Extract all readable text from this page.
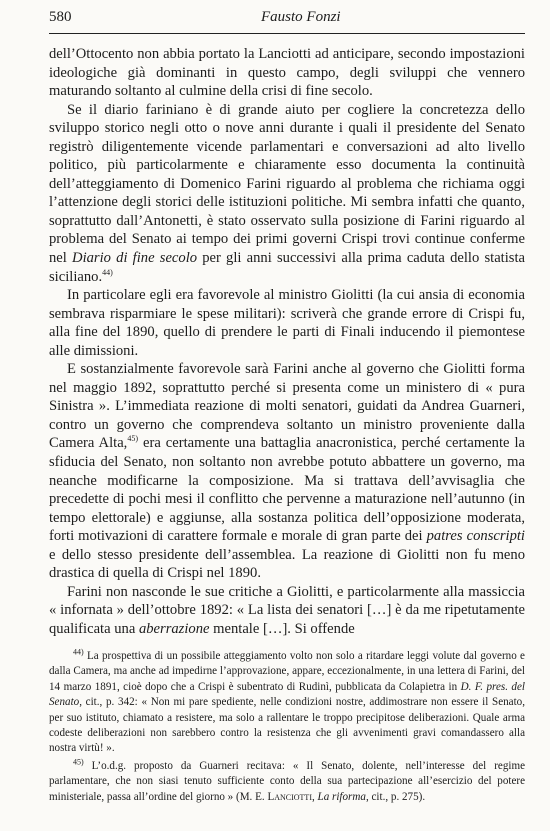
580	Fausto Fonzi

dell’Ottocento non abbia portato la Lanciotti ad anticipare, secondo impostazioni ideologiche già dominanti in questo campo, degli sviluppi che vennero maturando soltanto al culmine della crisi di fine secolo.

Se il diario fariniano è di grande aiuto per cogliere la concretezza dello sviluppo storico negli otto o nove anni durante i quali il presidente del Senato registrò diligentemente vicende parlamentari e conversazioni ad alto livello politico, più particolarmente e chiaramente esso documenta la continuità dell’atteggiamento di Domenico Farini riguardo al problema che richiama oggi l’attenzione degli storici delle istituzioni politiche. Mi sembra infatti che quanto, soprattutto dall’Antonetti, è stato osservato sulla posizione di Farini riguardo al problema del Senato ai tempo dei primi governi Crispi trovi continue conferme nel Diario di fine secolo per gli anni successivi alla prima caduta dello statista siciliano.$^{44)}$

In particolare egli era favorevole al ministro Giolitti (la cui ansia di economia sembrava risparmiare le spese militari): scriverà che grande errore di Crispi fu, alla fine del 1890, quello di prendere le parti di Finali inducendo il piemontese alle dimissioni.

E sostanzialmente favorevole sarà Farini anche al governo che Giolitti forma nel maggio 1892, soprattutto perché si presenta come un ministero di « pura Sinistra ». L’immediata reazione di molti senatori, guidati da Andrea Guarneri, contro un governo che comprendeva soltanto un ministro proveniente dalla Camera Alta,$^{45)}$ era certamente una battaglia anacronistica, perché certamente la sfiducia del Senato, non soltanto non avrebbe potuto abbattere un governo, ma neanche modificarne la composizione. Ma si trattava dell’avvisaglia che precedette di pochi mesi il conflitto che pervenne a maturazione nell’autunno (in tempo elettorale) e aggiunse, alla sostanza politica dell’opposizione moderata, forti motivazioni di carattere formale e morale di gran parte dei patres conscripti e dello stesso presidente dell’assemblea. La reazione di Giolitti non fu meno drastica di quella di Crispi nel 1890.

Farini non nasconde le sue critiche a Giolitti, e particolarmente alla massiccia « infornata » dell’ottobre 1892: « La lista dei senatori […] è da me ripetutamente qualificata una aberrazione mentale […]. Si offende

$^{44)}$ La prospettiva di un possibile atteggiamento volto non solo a ritardare leggi volute dal governo e dalla Camera, ma anche ad impedirne l’approvazione, appare, eccezionalmente, in una lettera di Farini, del 14 marzo 1891, cioè dopo che a Crispi è subentrato di Rudinì, pubblicata da Colapietra in D. F. pres. del Senato, cit., p. 342: « Non mi pare spediente, nelle condizioni nostre, addimostrare non essere il Senato, per suo istituto, chiamato a resistere, ma solo a rallentare le troppo precipitose deliberazioni. Quale arma codeste deliberazioni non sarebbero contro la resistenza che gli avvenimenti gravi comandassero alla nostra virtù! ».

$^{45)}$ L’o.d.g. proposto da Guarneri recitava: « Il Senato, dolente, nell’interesse del regime parlamentare, che non siasi tenuto sufficiente conto della sua partecipazione all’esercizio del potere ministeriale, passa all’ordine del giorno » (M. E. Lanciotti, La riforma, cit., p. 275).
